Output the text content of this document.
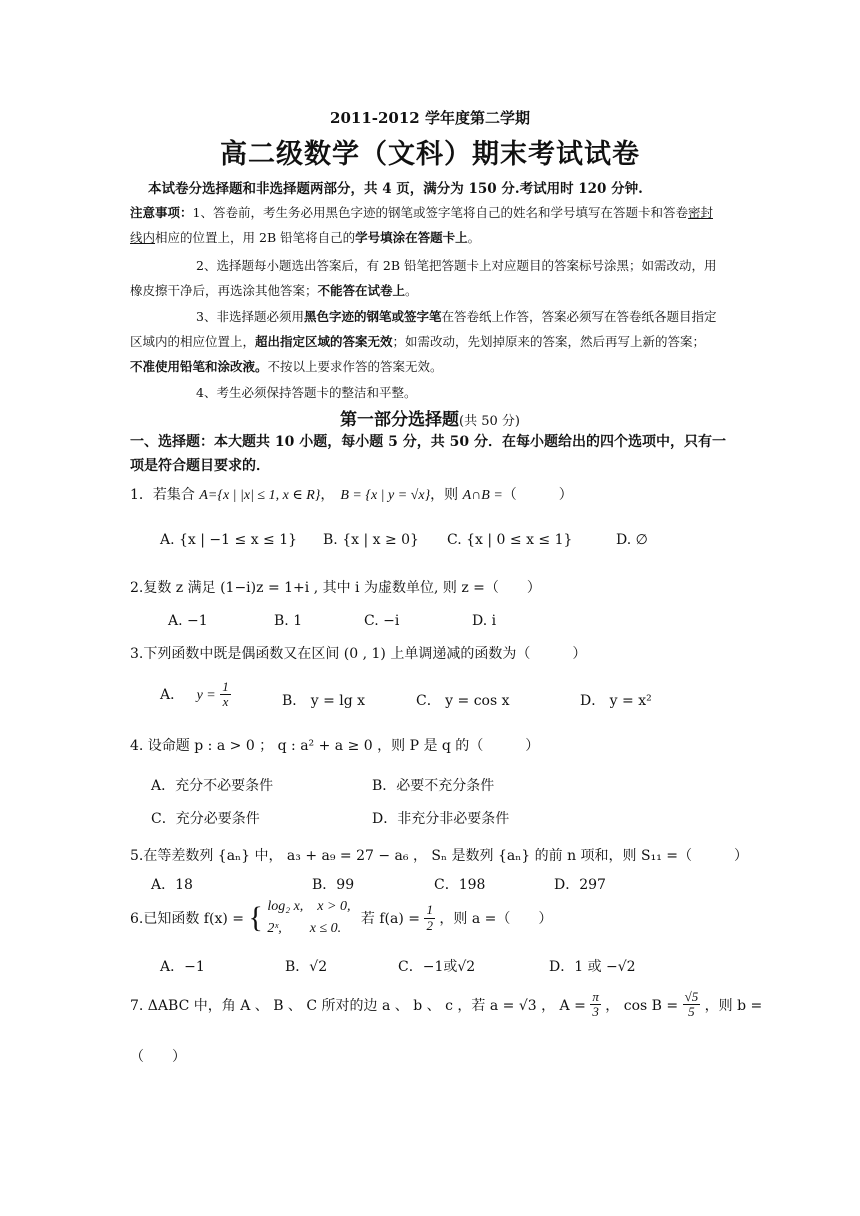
2011-2012 学年度第二学期
高二级数学（文科）期末考试试卷
本试卷分选择题和非选择题两部分，共 4 页，满分为 150 分.考试用时 120 分钟.
注意事项：1、答卷前，考生务必用黑色字迹的钢笔或签字笔将自己的姓名和学号填写在答题卡和答卷密封
线内相应的位置上，用 2B 铅笔将自己的学号填涂在答题卡上。
2、选择题每小题选出答案后，有 2B 铅笔把答题卡上对应题目的答案标号涂黑；如需改动，用
橡皮擦干净后，再选涂其他答案；不能答在试卷上。
3、非选择题必须用黑色字迹的钢笔或签字笔在答卷纸上作答，答案必须写在答卷纸各题目指定
区域内的相应位置上，超出指定区域的答案无效；如需改动，先划掉原来的答案，然后再写上新的答案；
不准使用铅笔和涂改液。不按以上要求作答的答案无效。
4、考生必须保持答题卡的整洁和平整。
第一部分选择题(共 50 分)
一、选择题：本大题共 10 小题，每小题 5 分，共 50 分．在每小题给出的四个选项中，只有一项是符合题目要求的．
1．若集合 A={x | |x| ≤ 1, x ∈ R}， B = {x | y = √x}，则 A∩B =（　　　）
A. {x | −1 ≤ x ≤ 1} B. {x | x ≥ 0} C. {x | 0 ≤ x ≤ 1}	D. ∅
2.复数 z 满足 (1−i)z = 1+i , 其中 i 为虚数单位, 则 z =（　　）
A. −1	B. 1	C. −i	D. i
3.下列函数中既是偶函数又在区间 (0 , 1) 上单调递减的函数为（　　　）
A． $y = \frac{1}{x}$	B． y = lg x	C． y = cos x	D． y = x²
4. 设命题 p : a > 0 ； q : a² + a ≥ 0 ，则 P 是 q 的（　　　）
A．充分不必要条件	B．必要不充分条件
C．充分必要条件	D．非充分非必要条件
5.在等差数列 {aₙ} 中， a₃ + a₉ = 27 − a₆ ， Sₙ 是数列 {aₙ} 的前 n 项和，则 S₁₁ =（　　　）
A．18	B．99	C．198	D．297
6.已知函数 f(x) = { log₂ x,　x > 0,
2ˣ,　　x ≤ 0.
若 $f(a) = \frac{1}{2}$ ，则 a =（　　）
A．−1	B．√2	C．−1或√2	D．1 或 −√2
7. ΔABC 中，角 A 、 B 、 C 所对的边 a 、 b 、 c ，若 a = √3 ， $A = \frac{\pi}{3}$ ， $\cos B = \frac{√5}{5}$ ，则 b =
（　　）
